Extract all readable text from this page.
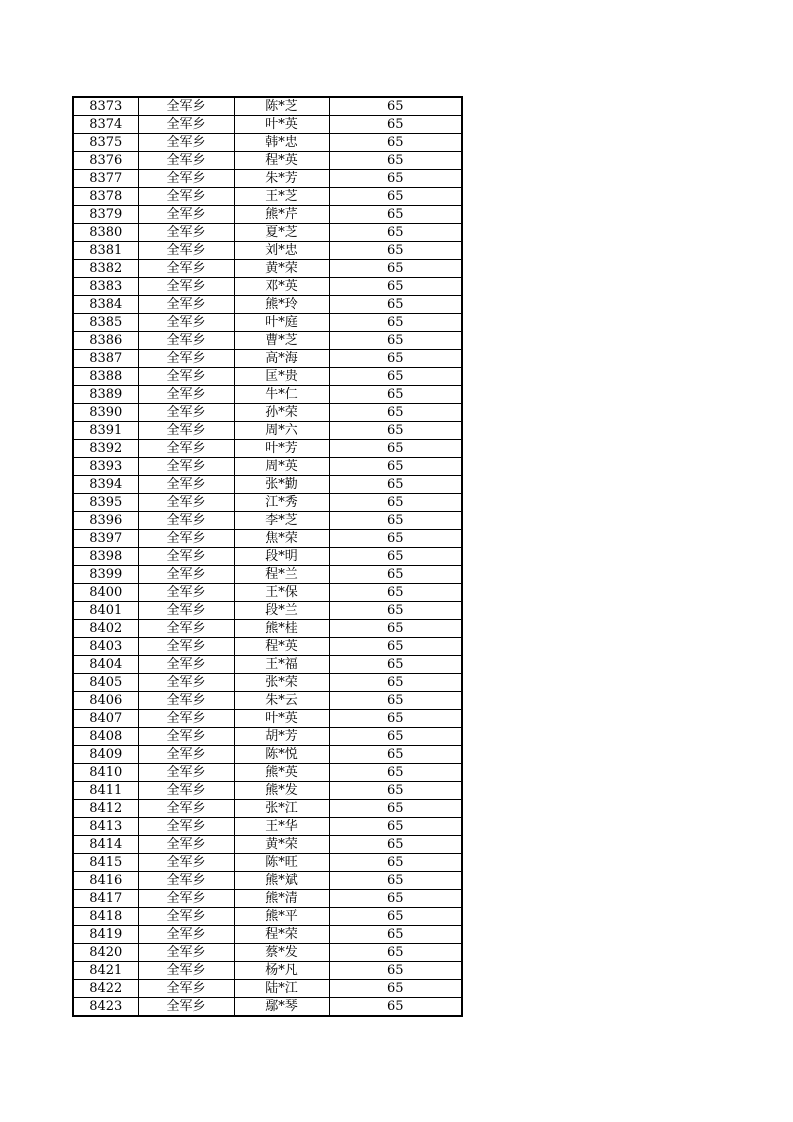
8373	全军乡	陈*芝	65
8374	全军乡	叶*英	65
8375	全军乡	韩*忠	65
8376	全军乡	程*英	65
8377	全军乡	朱*芳	65
8378	全军乡	王*芝	65
8379	全军乡	熊*芹	65
8380	全军乡	夏*芝	65
8381	全军乡	刘*忠	65
8382	全军乡	黄*荣	65
8383	全军乡	邓*英	65
8384	全军乡	熊*玲	65
8385	全军乡	叶*庭	65
8386	全军乡	曹*芝	65
8387	全军乡	高*海	65
8388	全军乡	匡*贵	65
8389	全军乡	牛*仁	65
8390	全军乡	孙*荣	65
8391	全军乡	周*六	65
8392	全军乡	叶*芳	65
8393	全军乡	周*英	65
8394	全军乡	张*勤	65
8395	全军乡	江*秀	65
8396	全军乡	李*芝	65
8397	全军乡	焦*荣	65
8398	全军乡	段*明	65
8399	全军乡	程*兰	65
8400	全军乡	王*保	65
8401	全军乡	段*兰	65
8402	全军乡	熊*桂	65
8403	全军乡	程*英	65
8404	全军乡	王*福	65
8405	全军乡	张*荣	65
8406	全军乡	朱*云	65
8407	全军乡	叶*英	65
8408	全军乡	胡*芳	65
8409	全军乡	陈*悦	65
8410	全军乡	熊*英	65
8411	全军乡	熊*发	65
8412	全军乡	张*江	65
8413	全军乡	王*华	65
8414	全军乡	黄*荣	65
8415	全军乡	陈*旺	65
8416	全军乡	熊*斌	65
8417	全军乡	熊*清	65
8418	全军乡	熊*平	65
8419	全军乡	程*荣	65
8420	全军乡	蔡*发	65
8421	全军乡	杨*凡	65
8422	全军乡	陆*江	65
8423	全军乡	鄢*琴	65
